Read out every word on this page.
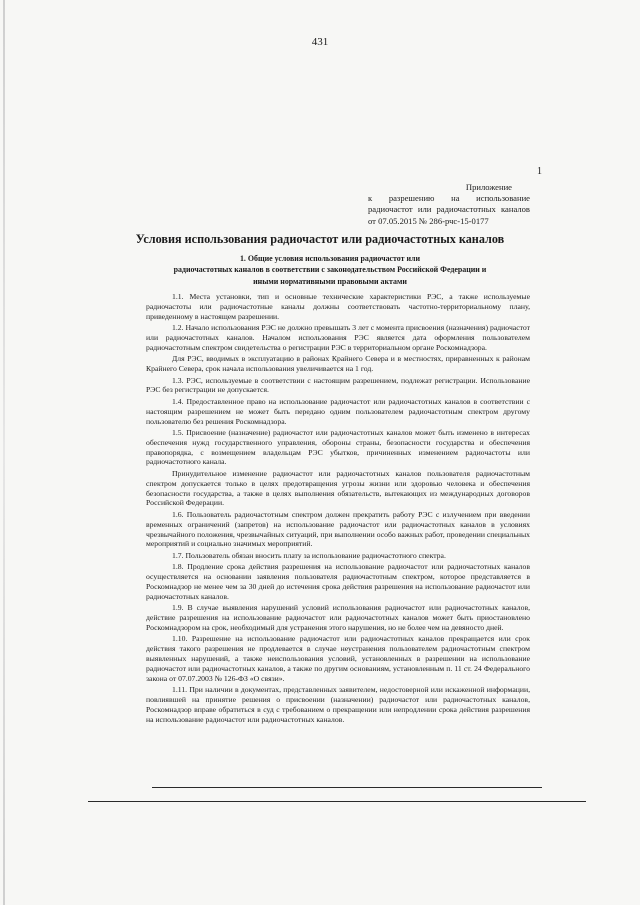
431
1
Приложение
к разрешению на использование
радиочастот или радиочастотных каналов
от 07.05.2015 № 286-рчс-15-0177
Условия использования радиочастот или радиочастотных каналов
1. Общие условия использования радиочастот или
радиочастотных каналов в соответствии с законодательством Российской Федерации и
иными нормативными правовыми актами

1.1. Места установки, тип и основные технические характеристики РЭС, а также используемые радиочастоты или радиочастотные каналы должны соответствовать частотно-территориальному плану, приведенному в настоящем разрешении.

1.2. Начало использования РЭС не должно превышать 3 лет с момента присвоения (назначения) радиочастот или радиочастотных каналов. Началом использования РЭС является дата оформления пользователем радиочастотным спектром свидетельства о регистрации РЭС в территориальном органе Роскомнадзора.

Для РЭС, вводимых в эксплуатацию в районах Крайнего Севера и в местностях, приравненных к районам Крайнего Севера, срок начала использования увеличивается на 1 год.

1.3. РЭС, используемые в соответствии с настоящим разрешением, подлежат регистрации. Использование РЭС без регистрации не допускается.

1.4. Предоставленное право на использование радиочастот или радиочастотных каналов в соответствии с настоящим разрешением не может быть передано одним пользователем радиочастотным спектром другому пользователю без решения Роскомнадзора.

1.5. Присвоение (назначение) радиочастот или радиочастотных каналов может быть изменено в интересах обеспечения нужд государственного управления, обороны страны, безопасности государства и обеспечения правопорядка, с возмещением владельцам РЭС убытков, причиненных изменением радиочастоты или радиочастотного канала.

Принудительное изменение радиочастот или радиочастотных каналов пользователя радиочастотным спектром допускается только в целях предотвращения угрозы жизни или здоровью человека и обеспечения безопасности государства, а также в целях выполнения обязательств, вытекающих из международных договоров Российской Федерации.

1.6. Пользователь радиочастотным спектром должен прекратить работу РЭС с излучением при введении временных ограничений (запретов) на использование радиочастот или радиочастотных каналов в условиях чрезвычайного положения, чрезвычайных ситуаций, при выполнении особо важных работ, проведении специальных мероприятий и социально значимых мероприятий.

1.7. Пользователь обязан вносить плату за использование радиочастотного спектра.

1.8. Продление срока действия разрешения на использование радиочастот или радиочастотных каналов осуществляется на основании заявления пользователя радиочастотным спектром, которое представляется в Роскомнадзор не менее чем за 30 дней до истечения срока действия разрешения на использование радиочастот или радиочастотных каналов.

1.9. В случае выявления нарушений условий использования радиочастот или радиочастотных каналов, действие разрешения на использование радиочастот или радиочастотных каналов может быть приостановлено Роскомнадзором на срок, необходимый для устранения этого нарушения, но не более чем на девяносто дней.

1.10. Разрешение на использование радиочастот или радиочастотных каналов прекращается или срок действия такого разрешения не продлевается в случае неустранения пользователем радиочастотным спектром выявленных нарушений, а также неиспользования условий, установленных в разрешении на использование радиочастот или радиочастотных каналов, а также по другим основаниям, установленным п. 11 ст. 24 Федерального закона от 07.07.2003 № 126-ФЗ «О связи».

1.11. При наличии в документах, представленных заявителем, недостоверной или искаженной информации, повлиявшей на принятие решения о присвоении (назначении) радиочастот или радиочастотных каналов, Роскомнадзор вправе обратиться в суд с требованием о прекращении или непродлении срока действия разрешения на использование радиочастот или радиочастотных каналов.
